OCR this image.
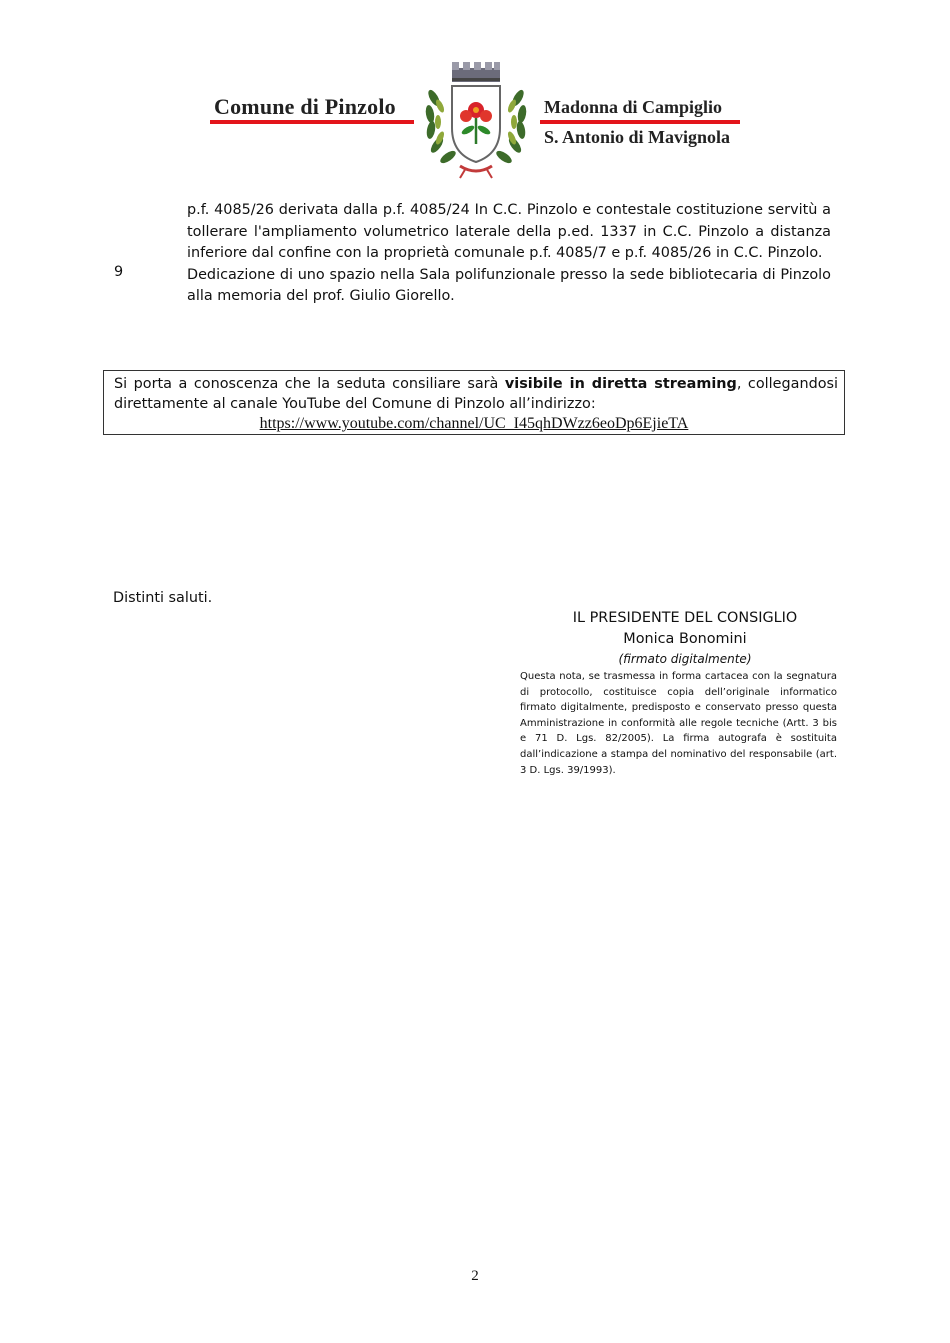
Comune di Pinzolo	Madonna di Campiglio
S. Antonio di Mavignola
p.f. 4085/26 derivata dalla p.f. 4085/24 In C.C. Pinzolo e contestale costituzione servitù a
tollerare l'ampliamento volumetrico laterale della p.ed. 1337 in C.C. Pinzolo a distanza
inferiore dal confine con la proprietà comunale p.f. 4085/7 e p.f. 4085/26 in C.C. Pinzolo.
Dedicazione di uno spazio nella Sala polifunzionale presso la sede bibliotecaria di Pinzolo
alla memoria del prof. Giulio Giorello.
9
Si porta a conoscenza che la seduta consiliare sarà visibile in diretta streaming, collegandosi
direttamente al canale YouTube del Comune di Pinzolo all’indirizzo:
https://www.youtube.com/channel/UC_I45qhDWzz6eoDp6EjieTA
Distinti saluti.
IL PRESIDENTE DEL CONSIGLIO
Monica Bonomini
(firmato digitalmente)
Questa nota, se trasmessa in forma cartacea con la segnatura di protocollo, costituisce copia dell’originale informatico firmato digitalmente, predisposto e conservato presso questa Amministrazione in conformità alle regole tecniche (Artt. 3 bis e 71 D. Lgs. 82/2005). La firma autografa è sostituita dall’indicazione a stampa del nominativo del responsabile (art. 3 D. Lgs. 39/1993).
2
